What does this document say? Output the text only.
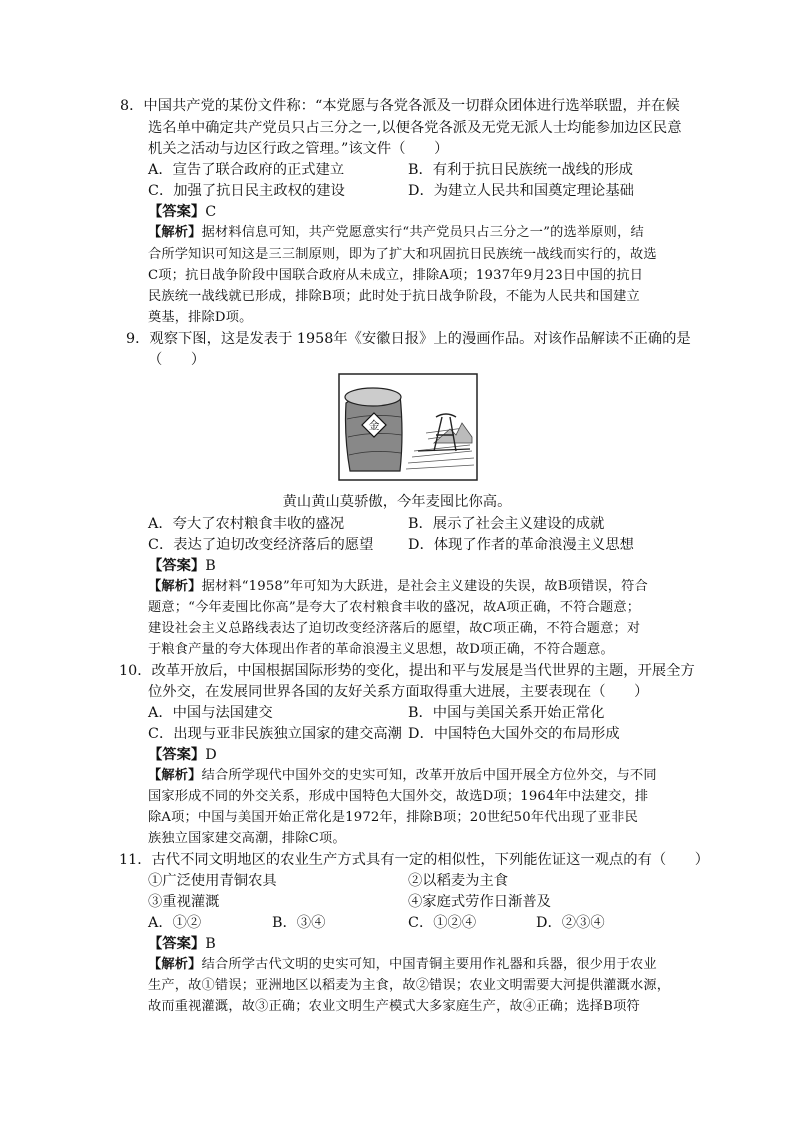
8．中国共产党的某份文件称：“本党愿与各党各派及一切群众团体进行选举联盟，并在候
选名单中确定共产党员只占三分之一,以便各党各派及无党无派人士均能参加边区民意
机关之活动与边区行政之管理。”该文件（　　）
A．宣告了联合政府的正式建立	B．有利于抗日民族统一战线的形成
C．加强了抗日民主政权的建设	D．为建立人民共和国奠定理论基础
【答案】C
【解析】据材料信息可知，共产党愿意实行“共产党员只占三分之一”的选举原则，结
合所学知识可知这是三三制原则，即为了扩大和巩固抗日民族统一战线而实行的，故选
C项；抗日战争阶段中国联合政府从未成立，排除A项；1937年9月23日中国的抗日
民族统一战线就已形成，排除B项；此时处于抗日战争阶段，不能为人民共和国建立
奠基，排除D项。
9．观察下图，这是发表于 1958年《安徽日报》上的漫画作品。对该作品解读不正确的是
（　　）
金
黄山黄山莫骄傲，今年麦囤比你高。
A．夸大了农村粮食丰收的盛况	B．展示了社会主义建设的成就
C．表达了迫切改变经济落后的愿望 D．体现了作者的革命浪漫主义思想
【答案】B
【解析】据材料“1958”年可知为大跃进，是社会主义建设的失误，故B项错误，符合
题意；“今年麦囤比你高”是夸大了农村粮食丰收的盛况，故A项正确，不符合题意；
建设社会主义总路线表达了迫切改变经济落后的愿望，故C项正确，不符合题意；对
于粮食产量的夸大体现出作者的革命浪漫主义思想，故D项正确，不符合题意。
10．改革开放后，中国根据国际形势的变化，提出和平与发展是当代世界的主题，开展全方
位外交，在发展同世界各国的友好关系方面取得重大进展，主要表现在（　　）
A．中国与法国建交	B．中国与美国关系开始正常化
C．出现与亚非民族独立国家的建交高潮 D．中国特色大国外交的布局形成
【答案】D
【解析】结合所学现代中国外交的史实可知，改革开放后中国开展全方位外交，与不同
国家形成不同的外交关系，形成中国特色大国外交，故选D项；1964年中法建交，排
除A项；中国与美国开始正常化是1972年，排除B项；20世纪50年代出现了亚非民
族独立国家建交高潮，排除C项。
11．古代不同文明地区的农业生产方式具有一定的相似性，下列能佐证这一观点的有（　　）
①广泛使用青铜农具	②以稻麦为主食
③重视灌溉	④家庭式劳作日渐普及
A．①②	B．③④	C．①②④	D．②③④
【答案】B
【解析】结合所学古代文明的史实可知，中国青铜主要用作礼器和兵器，很少用于农业
生产，故①错误；亚洲地区以稻麦为主食，故②错误；农业文明需要大河提供灌溉水源，
故而重视灌溉，故③正确；农业文明生产模式大多家庭生产，故④正确；选择B项符
